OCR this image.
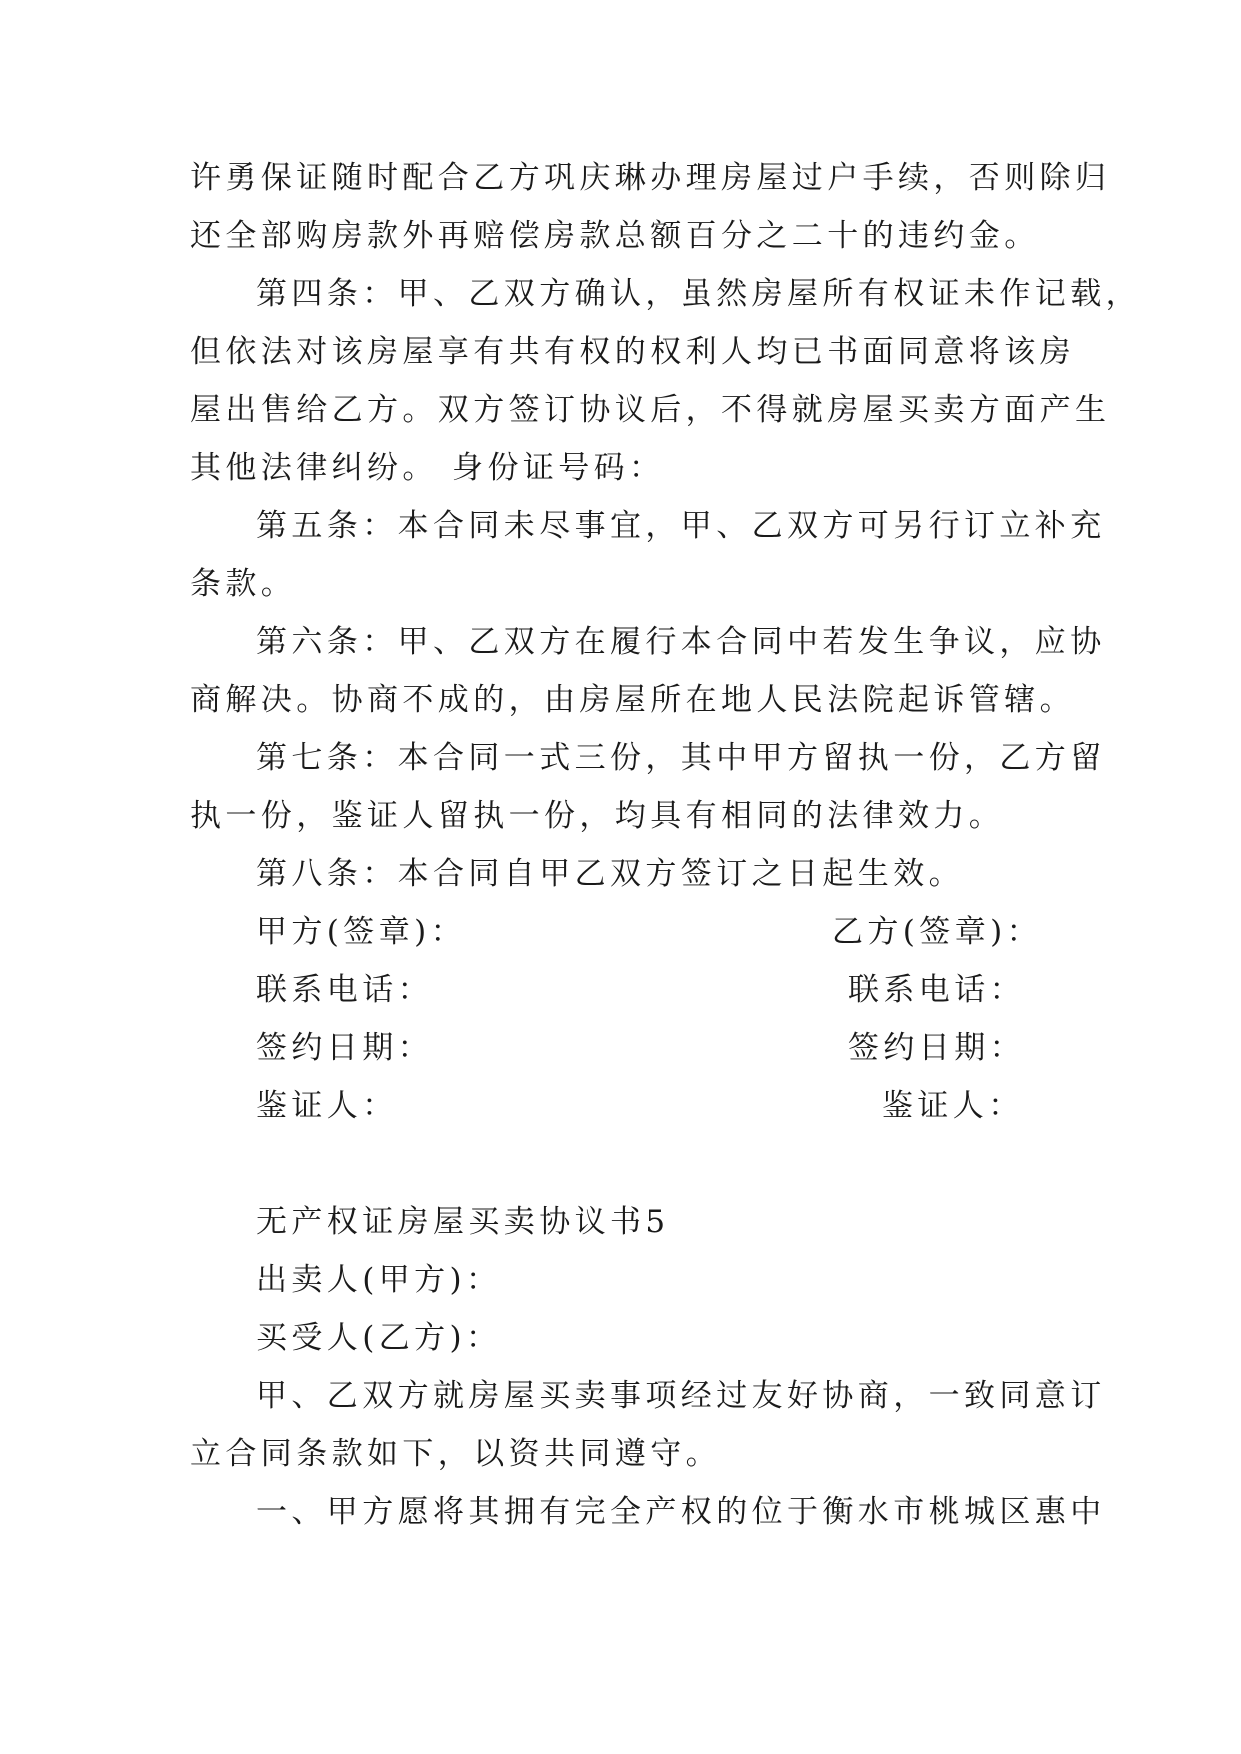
许勇保证随时配合乙方巩庆琳办理房屋过户手续，否则除归
还全部购房款外再赔偿房款总额百分之二十的违约金。
第四条：甲、乙双方确认，虽然房屋所有权证未作记载，
但依法对该房屋享有共有权的权利人均已书面同意将该房
屋出售给乙方。双方签订协议后，不得就房屋买卖方面产生
其他法律纠纷。 身份证号码：
第五条：本合同未尽事宜，甲、乙双方可另行订立补充
条款。
第六条：甲、乙双方在履行本合同中若发生争议，应协
商解决。协商不成的，由房屋所在地人民法院起诉管辖。
第七条：本合同一式三份，其中甲方留执一份，乙方留
执一份，鉴证人留执一份，均具有相同的法律效力。
第八条：本合同自甲乙双方签订之日起生效。
甲方(签章)：	乙方(签章)：
联系电话：	联系电话：
签约日期：	签约日期：
鉴证人：	鉴证人：
无产权证房屋买卖协议书5
出卖人(甲方)：
买受人(乙方)：
甲、乙双方就房屋买卖事项经过友好协商，一致同意订
立合同条款如下，以资共同遵守。
一、甲方愿将其拥有完全产权的位于衡水市桃城区惠中
